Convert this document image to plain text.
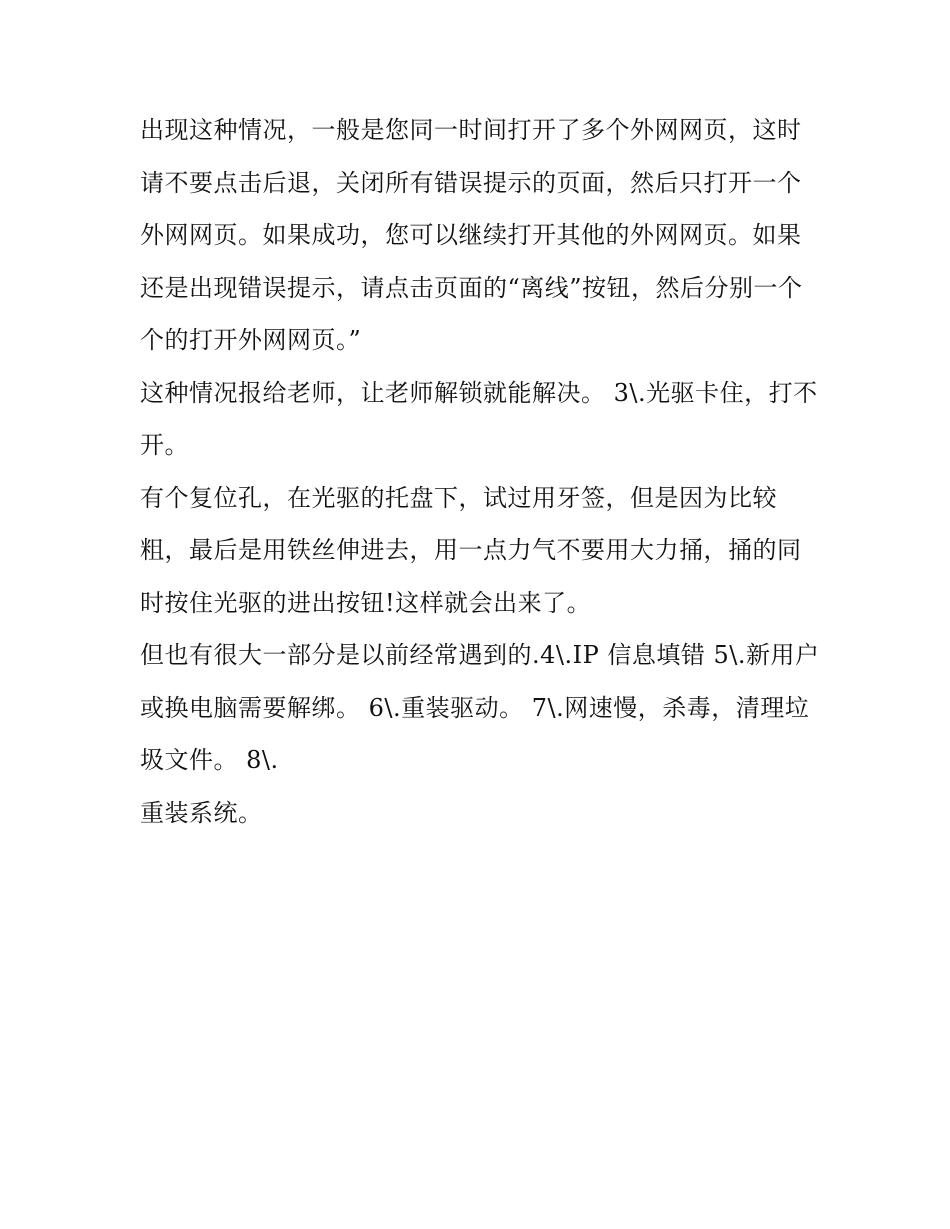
出现这种情况，一般是您同一时间打开了多个外网网页，这时请不要点击后退，关闭所有错误提示的页面，然后只打开一个外网网页。如果成功，您可以继续打开其他的外网网页。如果还是出现错误提示，请点击页面的“离线”按钮，然后分别一个个的打开外网网页。”

这种情况报给老师，让老师解锁就能解决。 3\.光驱卡住，打不开。

有个复位孔，在光驱的托盘下，试过用牙签，但是因为比较粗，最后是用铁丝伸进去，用一点力气不要用大力捅，捅的同时按住光驱的进出按钮!这样就会出来了。

但也有很大一部分是以前经常遇到的.4\.IP 信息填错 5\.新用户或换电脑需要解绑。 6\.重装驱动。 7\.网速慢，杀毒，清理垃圾文件。 8\.

重装系统。
